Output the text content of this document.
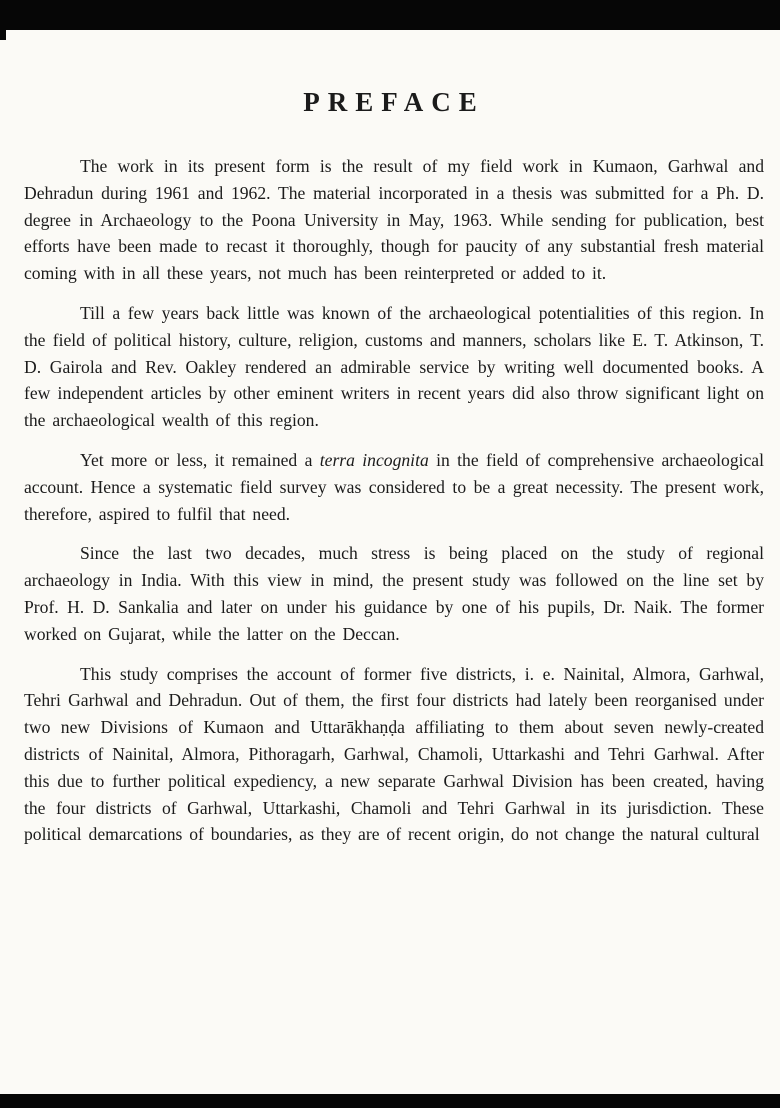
PREFACE

The work in its present form is the result of my field work in Kumaon, Garhwal and Dehradun during 1961 and 1962. The material incorporated in a thesis was submitted for a Ph. D. degree in Archaeology to the Poona University in May, 1963. While sending for publication, best efforts have been made to recast it thoroughly, though for paucity of any substantial fresh material coming with in all these years, not much has been reinterpreted or added to it.

Till a few years back little was known of the archaeological potentialities of this region. In the field of political history, culture, religion, customs and manners, scholars like E. T. Atkinson, T. D. Gairola and Rev. Oakley rendered an admirable service by writing well documented books. A few independent articles by other eminent writers in recent years did also throw significant light on the archaeological wealth of this region.

Yet more or less, it remained a terra incognita in the field of comprehensive archaeological account. Hence a systematic field survey was considered to be a great necessity. The present work, therefore, aspired to fulfil that need.

Since the last two decades, much stress is being placed on the study of regional archaeology in India. With this view in mind, the present study was followed on the line set by Prof. H. D. Sankalia and later on under his guidance by one of his pupils, Dr. Naik. The former worked on Gujarat, while the latter on the Deccan.

This study comprises the account of former five districts, i. e. Nainital, Almora, Garhwal, Tehri Garhwal and Dehradun. Out of them, the first four districts had lately been reorganised under two new Divisions of Kumaon and Uttarākhaṇḍa affiliating to them about seven newly-created districts of Nainital, Almora, Pithoragarh, Garhwal, Chamoli, Uttarkashi and Tehri Garhwal. After this due to further political expediency, a new separate Garhwal Division has been created, having the four districts of Garhwal, Uttarkashi, Chamoli and Tehri Garhwal in its jurisdiction. These political demarcations of boundaries, as they are of recent origin, do not change the natural cultural
